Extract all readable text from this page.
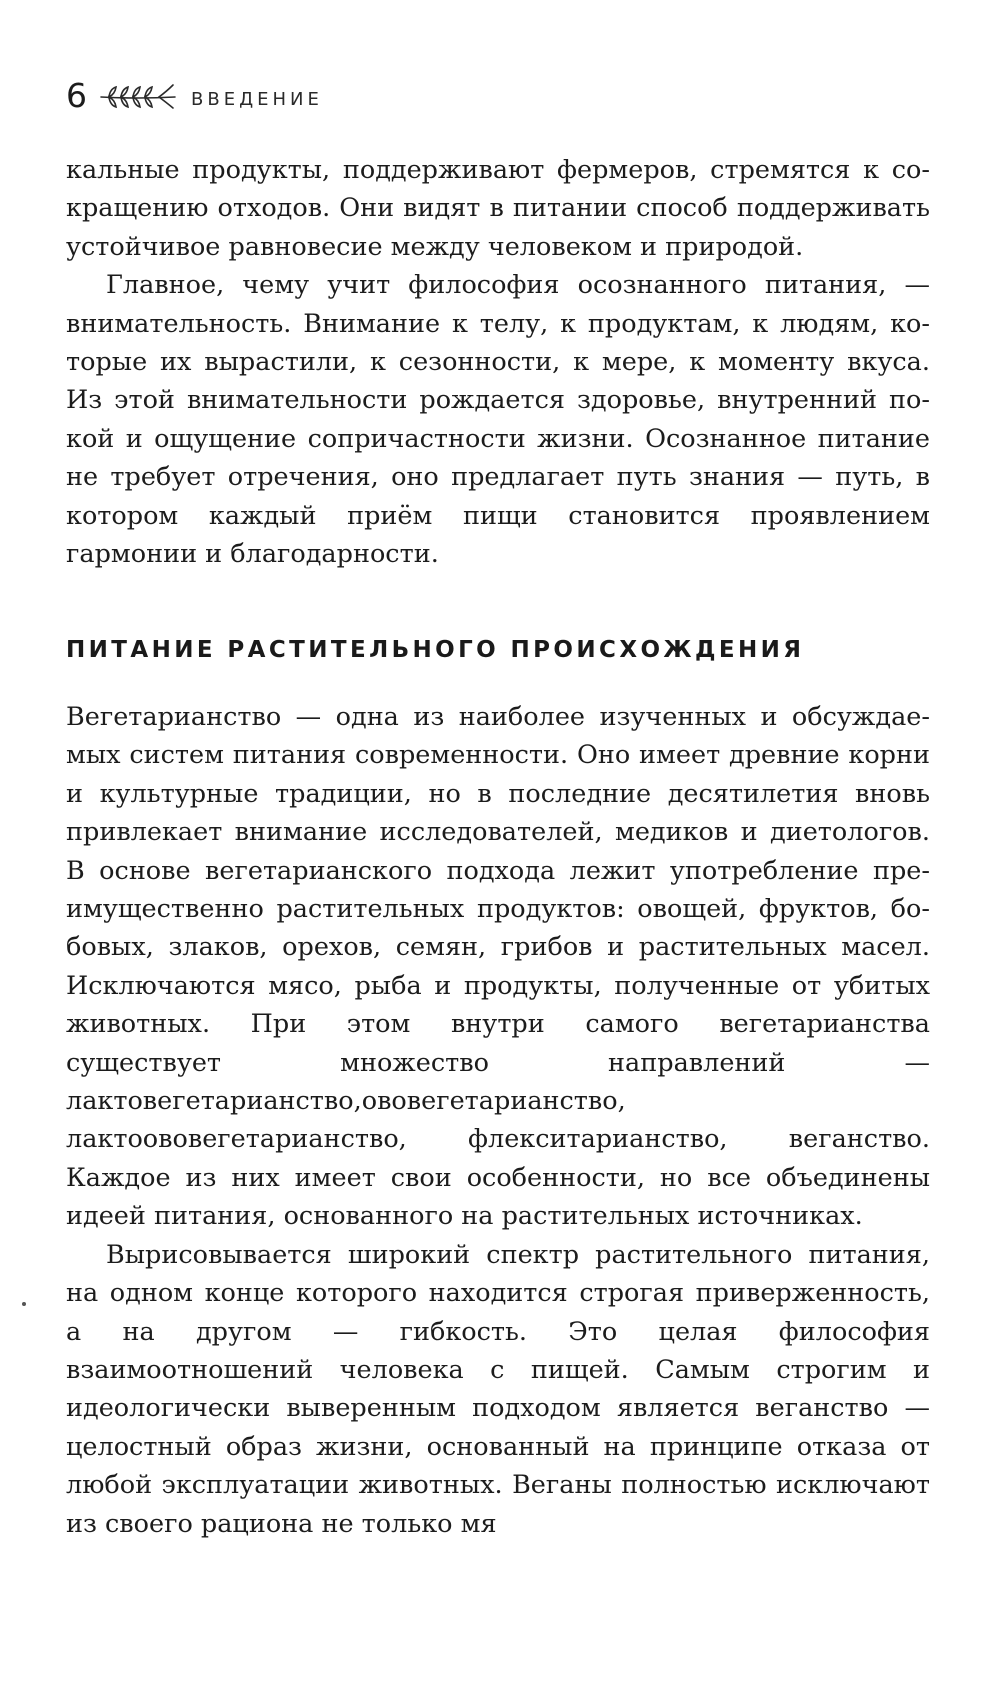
6	ВВЕДЕНИЕ

кальные продукты, поддерживают фермеров, стремятся к сокращению отходов. Они видят в питании способ поддерживать устойчивое равновесие между человеком и природой.

Главное, чему учит философия осознанного питания, — внимательность. Внимание к телу, к продуктам, к людям, которые их вырастили, к сезонности, к мере, к моменту вкуса. Из этой внимательности рождается здоровье, внутренний покой и ощущение сопричастности жизни. Осознанное питание не требует отречения, оно предлагает путь знания — путь, в котором каждый приём пищи становится проявлением гармонии и благодарности.

ПИТАНИЕ РАСТИТЕЛЬНОГО ПРОИСХОЖДЕНИЯ

Вегетарианство — одна из наиболее изученных и обсуждаемых систем питания современности. Оно имеет древние корни и культурные традиции, но в последние десятилетия вновь привлекает внимание исследователей, медиков и диетологов. В основе вегетарианского подхода лежит употребление преимущественно растительных продуктов: овощей, фруктов, бобовых, злаков, орехов, семян, грибов и растительных масел. Исключаются мясо, рыба и продукты, полученные от убитых животных. При этом внутри самого вегетарианства существует множество направлений — лактовегетарианство,ововегетарианство, лактоововегетарианство, флекситарианство, веганство. Каждое из них имеет свои особенности, но все объединены идеей питания, основанного на растительных источниках.

Вырисовывается широкий спектр растительного питания, на одном конце которого находится строгая приверженность, а на другом — гибкость. Это целая философия взаимоотношений человека с пищей. Самым строгим и идеологически выверенным подходом является веганство — целостный образ жизни, основанный на принципе отказа от любой эксплуатации животных. Веганы полностью исключают из своего рациона не только мя
